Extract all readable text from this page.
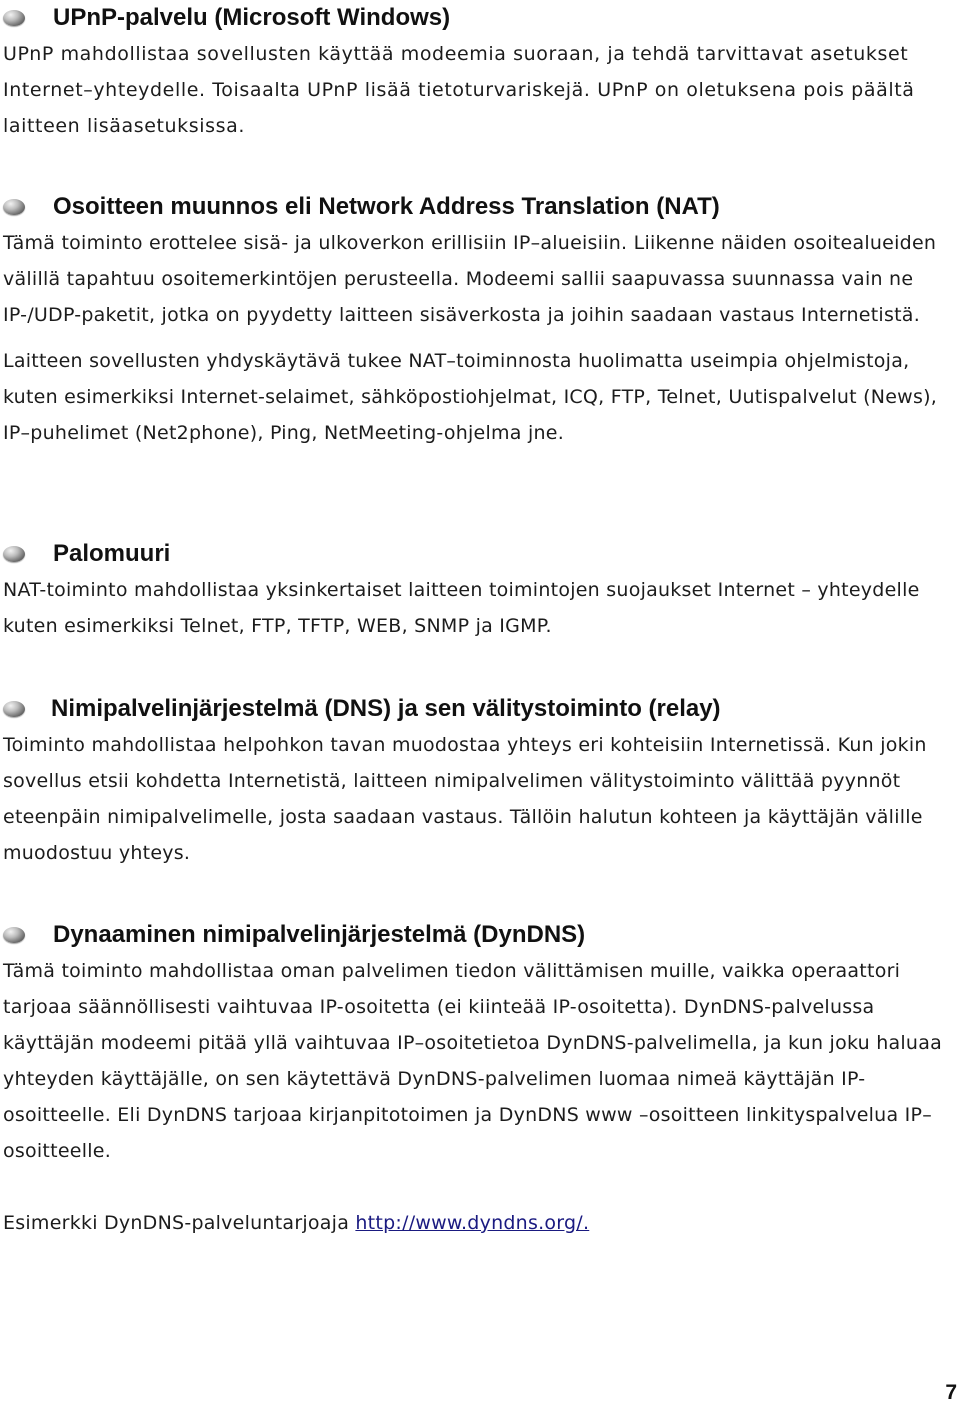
UPnP-palvelu (Microsoft Windows)

UPnP mahdollistaa sovellusten käyttää modeemia suoraan, ja tehdä tarvittavat asetukset Internet–yhteydelle. Toisaalta UPnP lisää tietoturvariskejä. UPnP on oletuksena pois päältä laitteen lisäasetuksissa.

Osoitteen muunnos eli Network Address Translation (NAT)

Tämä toiminto erottelee sisä- ja ulkoverkon erillisiin IP–alueisiin. Liikenne näiden osoitealueiden välillä tapahtuu osoitemerkintöjen perusteella. Modeemi sallii saapuvassa suunnassa vain ne IP-/UDP-paketit, jotka on pyydetty laitteen sisäverkosta ja joihin saadaan vastaus Internetistä.

Laitteen sovellusten yhdyskäytävä tukee NAT–toiminnosta huolimatta useimpia ohjelmistoja, kuten esimerkiksi Internet-selaimet, sähköpostiohjelmat, ICQ, FTP, Telnet, Uutispalvelut (News), IP–puhelimet (Net2phone), Ping, NetMeeting-ohjelma jne.

Palomuuri

NAT-toiminto mahdollistaa yksinkertaiset laitteen toimintojen suojaukset Internet – yhteydelle kuten esimerkiksi Telnet, FTP, TFTP, WEB, SNMP ja IGMP.

Nimipalvelinjärjestelmä (DNS) ja sen välitystoiminto (relay)

Toiminto mahdollistaa helpohkon tavan muodostaa yhteys eri kohteisiin Internetissä. Kun jokin sovellus etsii kohdetta Internetistä, laitteen nimipalvelimen välitystoiminto välittää pyynnöt eteenpäin nimipalvelimelle, josta saadaan vastaus. Tällöin halutun kohteen ja käyttäjän välille muodostuu yhteys.

Dynaaminen nimipalvelinjärjestelmä (DynDNS)

Tämä toiminto mahdollistaa oman palvelimen tiedon välittämisen muille, vaikka operaattori tarjoaa säännöllisesti vaihtuvaa IP-osoitetta (ei kiinteää IP-osoitetta). DynDNS-palvelussa käyttäjän modeemi pitää yllä vaihtuvaa IP–osoitetietoa DynDNS-palvelimella, ja kun joku haluaa yhteyden käyttäjälle, on sen käytettävä DynDNS-palvelimen luomaa nimeä käyttäjän IP-osoitteelle. Eli DynDNS tarjoaa kirjanpitotoimen ja DynDNS www –osoitteen linkityspalvelua IP–osoitteelle.

Esimerkki DynDNS-palveluntarjoaja http://www.dyndns.org/.

7
